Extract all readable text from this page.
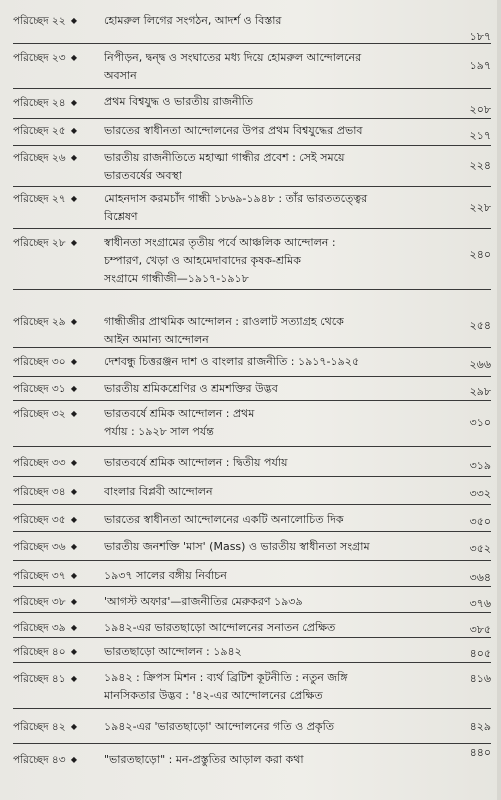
পরিচ্ছেদ ২২ ◆ হোমরুল লিগের সংগঠন, আদর্শ ও বিস্তার
১৮৭
পরিচ্ছেদ ২৩ ◆ নিপীড়ন, দ্বন্দ্ব ও সংঘাতের মধ্য দিয়ে হোমরুল আন্দোলনের
অবসান
১৯৭
পরিচ্ছেদ ২৪ ◆ প্রথম বিশ্বযুদ্ধ ও ভারতীয় রাজনীতি
২০৮
পরিচ্ছেদ ২৫ ◆ ভারতের স্বাধীনতা আন্দোলনের উপর প্রথম বিশ্বযুদ্ধের প্রভাব	২১৭
পরিচ্ছেদ ২৬ ◆ ভারতীয় রাজনীতিতে মহাত্মা গান্ধীর প্রবেশ : সেই সময়ে
ভারতবর্ষের অবস্থা
২২৪
পরিচ্ছেদ ২৭ ◆ মোহনদাস করমচাঁদ গান্ধী ১৮৬৯-১৯৪৮ : তাঁর ভারততত্ত্বের
বিশ্লেষণ
২২৮
পরিচ্ছেদ ২৮ ◆ স্বাধীনতা সংগ্রামের তৃতীয় পর্বে আঞ্চলিক আন্দোলন :
চম্পারণ, খেড়া ও আহমেদাবাদের কৃষক-শ্রমিক
সংগ্রামে গান্ধীজী—১৯১৭-১৯১৮
২৪০
পরিচ্ছেদ ২৯ ◆ গান্ধীজীর প্রাথমিক আন্দোলন : রাওলাট সত্যাগ্রহ থেকে
আইন অমান্য আন্দোলন
২৫৪
পরিচ্ছেদ ৩০ ◆ দেশবন্ধু চিত্তরঞ্জন দাশ ও বাংলার রাজনীতি : ১৯১৭-১৯২৫	২৬৬
পরিচ্ছেদ ৩১ ◆ ভারতীয় শ্রমিকশ্রেণির ও শ্রমশক্তির উদ্ভব	২৯৮
পরিচ্ছেদ ৩২ ◆ ভারতবর্ষে শ্রমিক আন্দোলন : প্রথম
পর্যায় : ১৯২৮ সাল পর্যন্ত
৩১০
পরিচ্ছেদ ৩৩ ◆ ভারতবর্ষে শ্রমিক আন্দোলন : দ্বিতীয় পর্যায়	৩১৯
পরিচ্ছেদ ৩৪ ◆ বাংলার বিপ্লবী আন্দোলন	৩৩২
পরিচ্ছেদ ৩৫ ◆ ভারতের স্বাধীনতা আন্দোলনের একটি অনালোচিত দিক	৩৫০
পরিচ্ছেদ ৩৬ ◆ ভারতীয় জনশক্তি 'মাস' (Mass) ও ভারতীয় স্বাধীনতা সংগ্রাম	৩৫২
পরিচ্ছেদ ৩৭ ◆ ১৯৩৭ সালের বঙ্গীয় নির্বাচন	৩৬৪
পরিচ্ছেদ ৩৮ ◆ 'আগস্ট অফার'—রাজনীতির মেরুকরণ ১৯৩৯	৩৭৬
পরিচ্ছেদ ৩৯ ◆ ১৯৪২-এর ভারতছাড়ো আন্দোলনের সনাতন প্রেক্ষিত	৩৮৫
পরিচ্ছেদ ৪০ ◆ ভারতছাড়ো আন্দোলন : ১৯৪২	৪০৫
পরিচ্ছেদ ৪১ ◆ ১৯৪২ : ক্রিপস মিশন : ব্যর্থ ব্রিটিশ কূটনীতি : নতুন জঙ্গি
মানসিকতার উদ্ভব : '৪২-এর আন্দোলনের প্রেক্ষিত
৪১৬
পরিচ্ছেদ ৪২ ◆ ১৯৪২-এর 'ভারতছাড়ো' আন্দোলনের গতি ও প্রকৃতি	৪২৯
পরিচ্ছেদ ৪৩ ◆ "ভারতছাড়ো" : মন-প্রস্তুতির আড়াল করা কথা
৪৪০
